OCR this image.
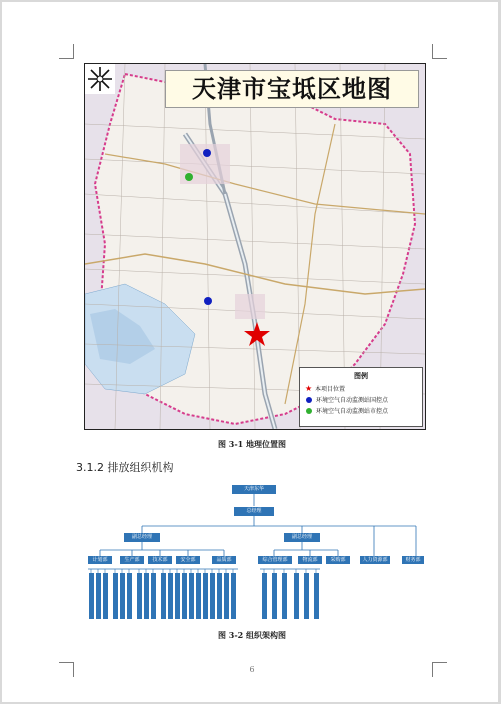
天津市宝坻区地图
图例
★ 本项目位置
环境空气自动监测站国控点
环境空气自动监测站市控点
图 3-1 地理位置图
3.1.2 排放组织机构
天津东华
总经理
副总经理	副总经理
计划部	生产部	技术部	安全部	品质部	综合管理部	物流部	采购部	人力资源部	财务部
图 3-2 组织架构图
6
